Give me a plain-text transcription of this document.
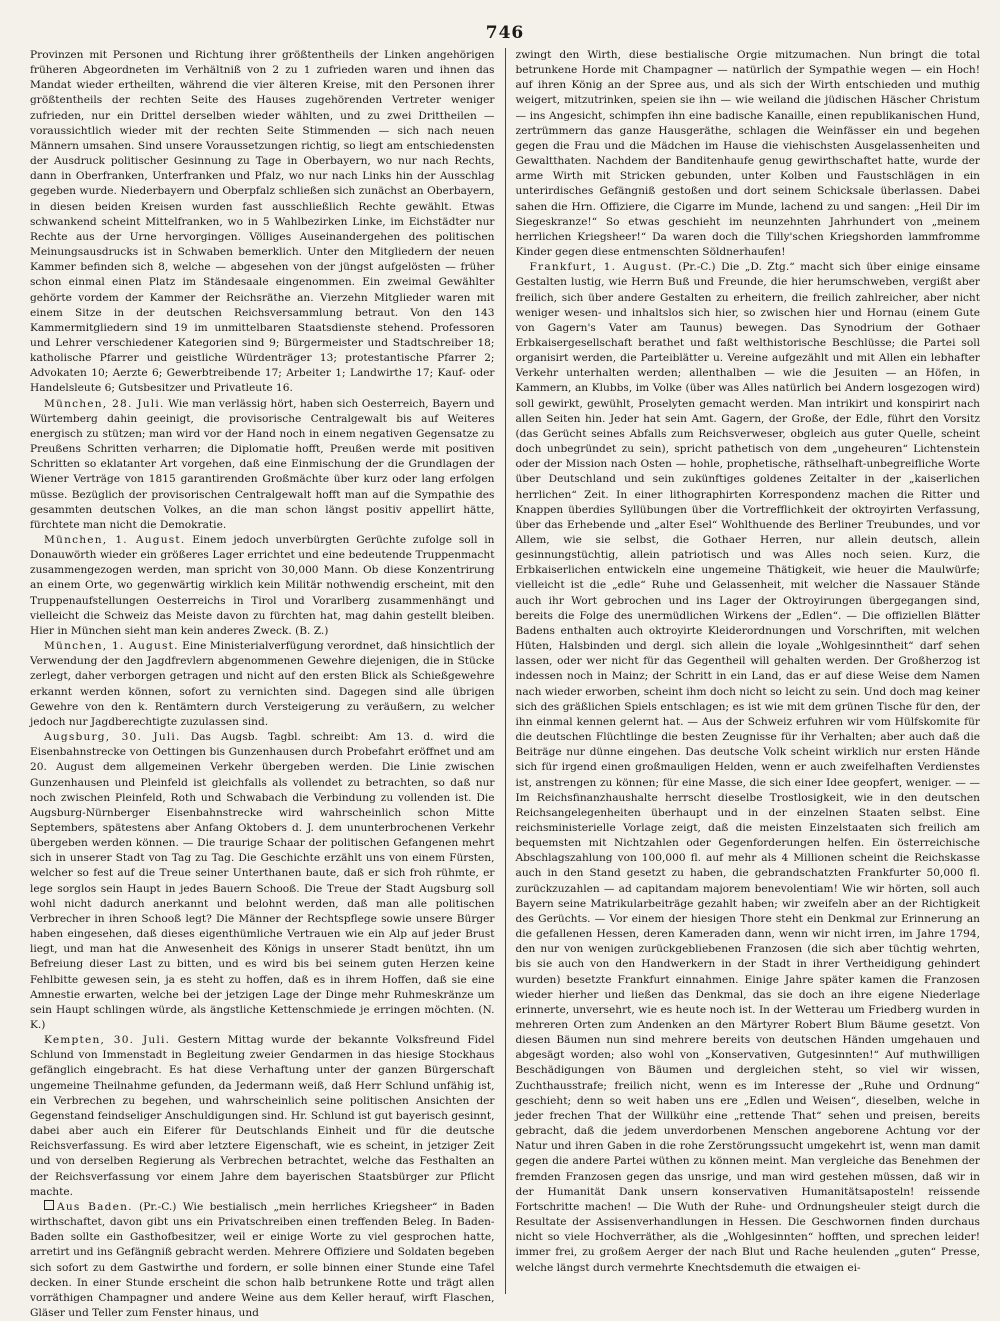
746

Provinzen mit Personen und Richtung ihrer größtentheils der Linken angehörigen früheren Abgeordneten im Verhältniß von 2 zu 1 zufrieden waren und ihnen das Mandat wieder ertheilten, während die vier älteren Kreise, mit den Personen ihrer größtentheils der rechten Seite des Hauses zugehörenden Vertreter weniger zufrieden, nur ein Drittel derselben wieder wählten, und zu zwei Drittheilen — voraussichtlich wieder mit der rechten Seite Stimmenden — sich nach neuen Männern umsahen. Sind unsere Voraussetzungen richtig, so liegt am entschiedensten der Ausdruck politischer Gesinnung zu Tage in Oberbayern, wo nur nach Rechts, dann in Oberfranken, Unterfranken und Pfalz, wo nur nach Links hin der Ausschlag gegeben wurde. Niederbayern und Oberpfalz schließen sich zunächst an Oberbayern, in diesen beiden Kreisen wurden fast ausschließlich Rechte gewählt. Etwas schwankend scheint Mittelfranken, wo in 5 Wahlbezirken Linke, im Eichstädter nur Rechte aus der Urne hervorgingen. Völliges Auseinandergehen des politischen Meinungsausdrucks ist in Schwaben bemerklich. Unter den Mitgliedern der neuen Kammer befinden sich 8, welche — abgesehen von der jüngst aufgelösten — früher schon einmal einen Platz im Ständesaale eingenommen. Ein zweimal Gewählter gehörte vordem der Kammer der Reichsräthe an. Vierzehn Mitglieder waren mit einem Sitze in der deutschen Reichsversammlung betraut. Von den 143 Kammermitgliedern sind 19 im unmittelbaren Staatsdienste stehend. Professoren und Lehrer verschiedener Kategorien sind 9; Bürgermeister und Stadtschreiber 18; katholische Pfarrer und geistliche Würdenträger 13; protestantische Pfarrer 2; Advokaten 10; Aerzte 6; Gewerbtreibende 17; Arbeiter 1; Landwirthe 17; Kauf- oder Handelsleute 6; Gutsbesitzer und Privatleute 16.

München, 28. Juli. Wie man verlässig hört, haben sich Oesterreich, Bayern und Würtemberg dahin geeinigt, die provisorische Centralgewalt bis auf Weiteres energisch zu stützen; man wird vor der Hand noch in einem negativen Gegensatze zu Preußens Schritten verharren; die Diplomatie hofft, Preußen werde mit positiven Schritten so eklatanter Art vorgehen, daß eine Einmischung der die Grundlagen der Wiener Verträge von 1815 garantirenden Großmächte über kurz oder lang erfolgen müsse. Bezüglich der provisorischen Centralgewalt hofft man auf die Sympathie des gesammten deutschen Volkes, an die man schon längst positiv appellirt hätte, fürchtete man nicht die Demokratie.

München, 1. August. Einem jedoch unverbürgten Gerüchte zufolge soll in Donauwörth wieder ein größeres Lager errichtet und eine bedeutende Truppenmacht zusammengezogen werden, man spricht von 30,000 Mann. Ob diese Konzentrirung an einem Orte, wo gegenwärtig wirklich kein Militär nothwendig erscheint, mit den Truppenaufstellungen Oesterreichs in Tirol und Vorarlberg zusammenhängt und vielleicht die Schweiz das Meiste davon zu fürchten hat, mag dahin gestellt bleiben. Hier in München sieht man kein anderes Zweck. (B. Z.)

München, 1. August. Eine Ministerialverfügung verordnet, daß hinsichtlich der Verwendung der den Jagdfrevlern abgenommenen Gewehre diejenigen, die in Stücke zerlegt, daher verborgen getragen und nicht auf den ersten Blick als Schießgewehre erkannt werden können, sofort zu vernichten sind. Dagegen sind alle übrigen Gewehre von den k. Rentämtern durch Versteigerung zu veräußern, zu welcher jedoch nur Jagdberechtigte zuzulassen sind.

Augsburg, 30. Juli. Das Augsb. Tagbl. schreibt: Am 13. d. wird die Eisenbahnstrecke von Oettingen bis Gunzenhausen durch Probefahrt eröffnet und am 20. August dem allgemeinen Verkehr übergeben werden. Die Linie zwischen Gunzenhausen und Pleinfeld ist gleichfalls als vollendet zu betrachten, so daß nur noch zwischen Pleinfeld, Roth und Schwabach die Verbindung zu vollenden ist. Die Augsburg-Nürnberger Eisenbahnstrecke wird wahrscheinlich schon Mitte Septembers, spätestens aber Anfang Oktobers d. J. dem ununterbrochenen Verkehr übergeben werden können. — Die traurige Schaar der politischen Gefangenen mehrt sich in unserer Stadt von Tag zu Tag. Die Geschichte erzählt uns von einem Fürsten, welcher so fest auf die Treue seiner Unterthanen baute, daß er sich froh rühmte, er lege sorglos sein Haupt in jedes Bauern Schooß. Die Treue der Stadt Augsburg soll wohl nicht dadurch anerkannt und belohnt werden, daß man alle politischen Verbrecher in ihren Schooß legt? Die Männer der Rechtspflege sowie unsere Bürger haben eingesehen, daß dieses eigenthümliche Vertrauen wie ein Alp auf jeder Brust liegt, und man hat die Anwesenheit des Königs in unserer Stadt benützt, ihn um Befreiung dieser Last zu bitten, und es wird bis bei seinem guten Herzen keine Fehlbitte gewesen sein, ja es steht zu hoffen, daß es in ihrem Hoffen, daß sie eine Amnestie erwarten, welche bei der jetzigen Lage der Dinge mehr Ruhmeskränze um sein Haupt schlingen würde, als ängstliche Kettenschmiede je erringen möchten. (N. K.)

Kempten, 30. Juli. Gestern Mittag wurde der bekannte Volksfreund Fidel Schlund von Immenstadt in Begleitung zweier Gendarmen in das hiesige Stockhaus gefänglich eingebracht. Es hat diese Verhaftung unter der ganzen Bürgerschaft ungemeine Theilnahme gefunden, da Jedermann weiß, daß Herr Schlund unfähig ist, ein Verbrechen zu begehen, und wahrscheinlich seine politischen Ansichten der Gegenstand feindseliger Anschuldigungen sind. Hr. Schlund ist gut bayerisch gesinnt, dabei aber auch ein Eiferer für Deutschlands Einheit und für die deutsche Reichsverfassung. Es wird aber letztere Eigenschaft, wie es scheint, in jetziger Zeit und von derselben Regierung als Verbrechen betrachtet, welche das Festhalten an der Reichsverfassung vor einem Jahre dem bayerischen Staatsbürger zur Pflicht machte.

Aus Baden. (Pr.-C.) Wie bestialisch „mein herrliches Kriegsheer“ in Baden wirthschaftet, davon gibt uns ein Privatschreiben einen treffenden Beleg. In Baden-Baden sollte ein Gasthofbesitzer, weil er einige Worte zu viel gesprochen hatte, arretirt und ins Gefängniß gebracht werden. Mehrere Offiziere und Soldaten begeben sich sofort zu dem Gastwirthe und fordern, er solle binnen einer Stunde eine Tafel decken. In einer Stunde erscheint die schon halb betrunkene Rotte und trägt allen vorräthigen Champagner und andere Weine aus dem Keller herauf, wirft Flaschen, Gläser und Teller zum Fenster hinaus, und

zwingt den Wirth, diese bestialische Orgie mitzumachen. Nun bringt die total betrunkene Horde mit Champagner — natürlich der Sympathie wegen — ein Hoch! auf ihren König an der Spree aus, und als sich der Wirth entschieden und muthig weigert, mitzutrinken, speien sie ihn — wie weiland die jüdischen Häscher Christum — ins Angesicht, schimpfen ihn eine badische Kanaille, einen republikanischen Hund, zertrümmern das ganze Hausgeräthe, schlagen die Weinfässer ein und begehen gegen die Frau und die Mädchen im Hause die viehischsten Ausgelassenheiten und Gewaltthaten. Nachdem der Banditenhaufe genug gewirthschaftet hatte, wurde der arme Wirth mit Stricken gebunden, unter Kolben und Faustschlägen in ein unterirdisches Gefängniß gestoßen und dort seinem Schicksale überlassen. Dabei sahen die Hrn. Offiziere, die Cigarre im Munde, lachend zu und sangen: „Heil Dir im Siegeskranze!“ So etwas geschieht im neunzehnten Jahrhundert von „meinem herrlichen Kriegsheer!“ Da waren doch die Tilly'schen Kriegshorden lammfromme Kinder gegen diese entmenschten Söldnerhaufen!

Frankfurt, 1. August. (Pr.-C.) Die „D. Ztg.“ macht sich über einige einsame Gestalten lustig, wie Herrn Buß und Freunde, die hier herumschweben, vergißt aber freilich, sich über andere Gestalten zu erheitern, die freilich zahlreicher, aber nicht weniger wesen- und inhaltslos sich hier, so zwischen hier und Hornau (einem Gute von Gagern's Vater am Taunus) bewegen. Das Synodrium der Gothaer Erbkaisergesellschaft berathet und faßt welthistorische Beschlüsse; die Partei soll organisirt werden, die Parteiblätter u. Vereine aufgezählt und mit Allen ein lebhafter Verkehr unterhalten werden; allenthalben — wie die Jesuiten — an Höfen, in Kammern, an Klubbs, im Volke (über was Alles natürlich bei Andern losgezogen wird) soll gewirkt, gewühlt, Proselyten gemacht werden. Man intrikirt und konspirirt nach allen Seiten hin. Jeder hat sein Amt. Gagern, der Große, der Edle, führt den Vorsitz (das Gerücht seines Abfalls zum Reichsverweser, obgleich aus guter Quelle, scheint doch unbegründet zu sein), spricht pathetisch von dem „ungeheuren“ Lichtenstein oder der Mission nach Osten — hohle, prophetische, räthselhaft-unbegreifliche Worte über Deutschland und sein zukünftiges goldenes Zeitalter in der „kaiserlichen herrlichen“ Zeit. In einer lithographirten Korrespondenz machen die Ritter und Knappen überdies Syllübungen über die Vortrefflichkeit der oktroyirten Verfassung, über das Erhebende und „alter Esel“ Wohlthuende des Berliner Treubundes, und vor Allem, wie sie selbst, die Gothaer Herren, nur allein deutsch, allein gesinnungstüchtig, allein patriotisch und was Alles noch seien. Kurz, die Erbkaiserlichen entwickeln eine ungemeine Thätigkeit, wie heuer die Maulwürfe; vielleicht ist die „edle“ Ruhe und Gelassenheit, mit welcher die Nassauer Stände auch ihr Wort gebrochen und ins Lager der Oktroyirungen übergegangen sind, bereits die Folge des unermüdlichen Wirkens der „Edlen“. — Die offiziellen Blätter Badens enthalten auch oktroyirte Kleiderordnungen und Vorschriften, mit welchen Hüten, Halsbinden und dergl. sich allein die loyale „Wohlgesinntheit“ darf sehen lassen, oder wer nicht für das Gegentheil will gehalten werden. Der Großherzog ist indessen noch in Mainz; der Schritt in ein Land, das er auf diese Weise dem Namen nach wieder erworben, scheint ihm doch nicht so leicht zu sein. Und doch mag keiner sich des gräßlichen Spiels entschlagen; es ist wie mit dem grünen Tische für den, der ihn einmal kennen gelernt hat. — Aus der Schweiz erfuhren wir vom Hülfskomite für die deutschen Flüchtlinge die besten Zeugnisse für ihr Verhalten; aber auch daß die Beiträge nur dünne eingehen. Das deutsche Volk scheint wirklich nur ersten Hände sich für irgend einen großmauligen Helden, wenn er auch zweifelhaften Verdienstes ist, anstrengen zu können; für eine Masse, die sich einer Idee geopfert, weniger. — — Im Reichsfinanzhaushalte herrscht dieselbe Trostlosigkeit, wie in den deutschen Reichsangelegenheiten überhaupt und in der einzelnen Staaten selbst. Eine reichsministerielle Vorlage zeigt, daß die meisten Einzelstaaten sich freilich am bequemsten mit Nichtzahlen oder Gegenforderungen helfen. Ein österreichische Abschlagszahlung von 100,000 fl. auf mehr als 4 Millionen scheint die Reichskasse auch in den Stand gesetzt zu haben, die gebrandschatzten Frankfurter 50,000 fl. zurückzuzahlen — ad capitandam majorem benevolentiam! Wie wir hörten, soll auch Bayern seine Matrikularbeiträge gezahlt haben; wir zweifeln aber an der Richtigkeit des Gerüchts. — Vor einem der hiesigen Thore steht ein Denkmal zur Erinnerung an die gefallenen Hessen, deren Kameraden dann, wenn wir nicht irren, im Jahre 1794, den nur von wenigen zurückgebliebenen Franzosen (die sich aber tüchtig wehrten, bis sie auch von den Handwerkern in der Stadt in ihrer Vertheidigung gehindert wurden) besetzte Frankfurt einnahmen. Einige Jahre später kamen die Franzosen wieder hierher und ließen das Denkmal, das sie doch an ihre eigene Niederlage erinnerte, unversehrt, wie es heute noch ist. In der Wetterau um Friedberg wurden in mehreren Orten zum Andenken an den Märtyrer Robert Blum Bäume gesetzt. Von diesen Bäumen nun sind mehrere bereits von deutschen Händen umgehauen und abgesägt worden; also wohl von „Konservativen, Gutgesinnten!“ Auf muthwilligen Beschädigungen von Bäumen und dergleichen steht, so viel wir wissen, Zuchthausstrafe; freilich nicht, wenn es im Interesse der „Ruhe und Ordnung“ geschieht; denn so weit haben uns ere „Edlen und Weisen“, dieselben, welche in jeder frechen That der Willkühr eine „rettende That“ sehen und preisen, bereits gebracht, daß die jedem unverdorbenen Menschen angeborene Achtung vor der Natur und ihren Gaben in die rohe Zerstörungssucht umgekehrt ist, wenn man damit gegen die andere Partei wüthen zu können meint. Man vergleiche das Benehmen der fremden Franzosen gegen das unsrige, und man wird gestehen müssen, daß wir in der Humanität Dank unsern konservativen Humanitätsaposteln! reissende Fortschritte machen! — Die Wuth der Ruhe- und Ordnungsheuler steigt durch die Resultate der Assisenverhandlungen in Hessen. Die Geschwornen finden durchaus nicht so viele Hochverräther, als die „Wohlgesinnten“ hofften, und sprechen leider! immer frei, zu großem Aerger der nach Blut und Rache heulenden „guten“ Presse, welche längst durch vermehrte Knechtsdemuth die etwaigen ei-
